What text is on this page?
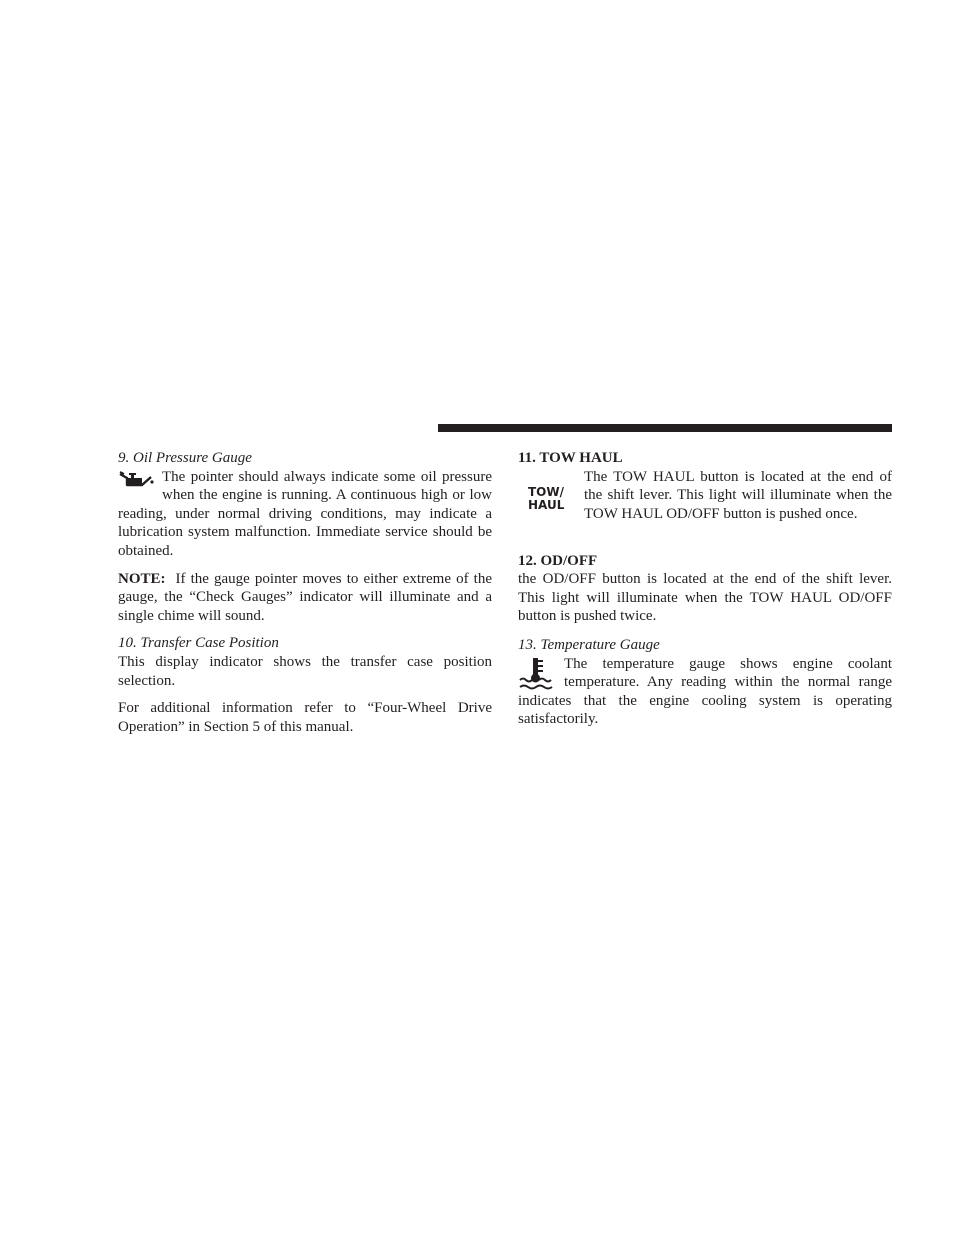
9. Oil Pressure Gauge

The pointer should always indicate some oil pressure when the engine is running. A continuous high or low reading, under normal driving conditions, may indicate a lubrication system malfunction. Immediate service should be obtained.

NOTE: If the gauge pointer moves to either extreme of the gauge, the “Check Gauges” indicator will illuminate and a single chime will sound.

10. Transfer Case Position

This display indicator shows the transfer case position selection.

For additional information refer to “Four-Wheel Drive Operation” in Section 5 of this manual.

11. TOW HAUL

TOW/
HAUL

The TOW HAUL button is located at the end of the shift lever. This light will illuminate when the TOW HAUL OD/OFF button is pushed once.

12. OD/OFF

the OD/OFF button is located at the end of the shift lever. This light will illuminate when the TOW HAUL OD/OFF button is pushed twice.

13. Temperature Gauge

The temperature gauge shows engine coolant temperature. Any reading within the normal range indicates that the engine cooling system is operating satisfactorily.
